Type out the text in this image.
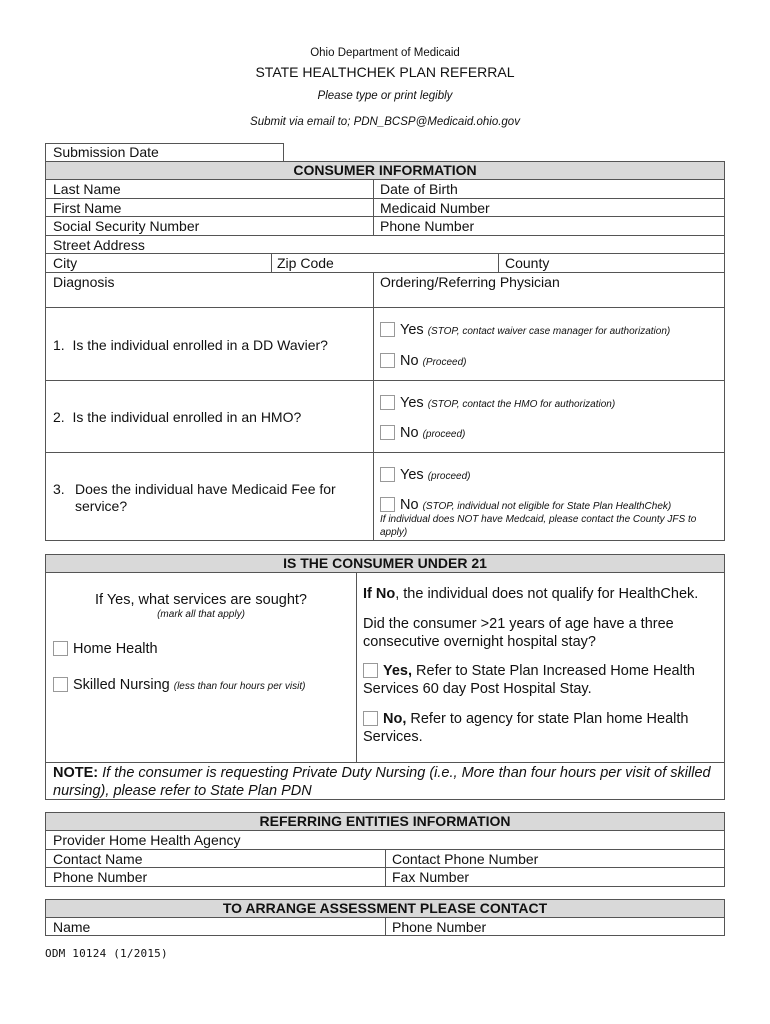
Ohio Department of Medicaid
STATE HEALTHCHEK PLAN REFERRAL
Please type or print legibly
Submit via email to; PDN_BCSP@Medicaid.ohio.gov
Submission Date
CONSUMER INFORMATION
Last Name	Date of Birth
First Name	Medicaid Number
Social Security Number	Phone Number
Street Address
City	Zip Code	County
Diagnosis	Ordering/Referring Physician
1. Is the individual enrolled in a DD Wavier?
Yes (STOP, contact waiver case manager for authorization)
No (Proceed)
2. Is the individual enrolled in an HMO?
Yes (STOP, contact the HMO for authorization)
No (proceed)
3. Does the individual have Medicaid Fee for service?
Yes (proceed)
No (STOP, individual not eligible for State Plan HealthChek)
If individual does NOT have Medcaid, please contact the County JFS to apply)
IS THE CONSUMER UNDER 21
If Yes, what services are sought?
(mark all that apply)
Home Health
Skilled Nursing (less than four hours per visit)
If No, the individual does not qualify for HealthChek.
Did the consumer >21 years of age have a three consecutive overnight hospital stay?
Yes, Refer to State Plan Increased Home Health Services 60 day Post Hospital Stay.
No, Refer to agency for state Plan home Health Services.
NOTE: If the consumer is requesting Private Duty Nursing (i.e., More than four hours per visit of skilled nursing), please refer to State Plan PDN
REFERRING ENTITIES INFORMATION
Provider Home Health Agency
Contact Name	Contact Phone Number
Phone Number	Fax Number
TO ARRANGE ASSESSMENT PLEASE CONTACT
Name	Phone Number
ODM 10124 (1/2015)
